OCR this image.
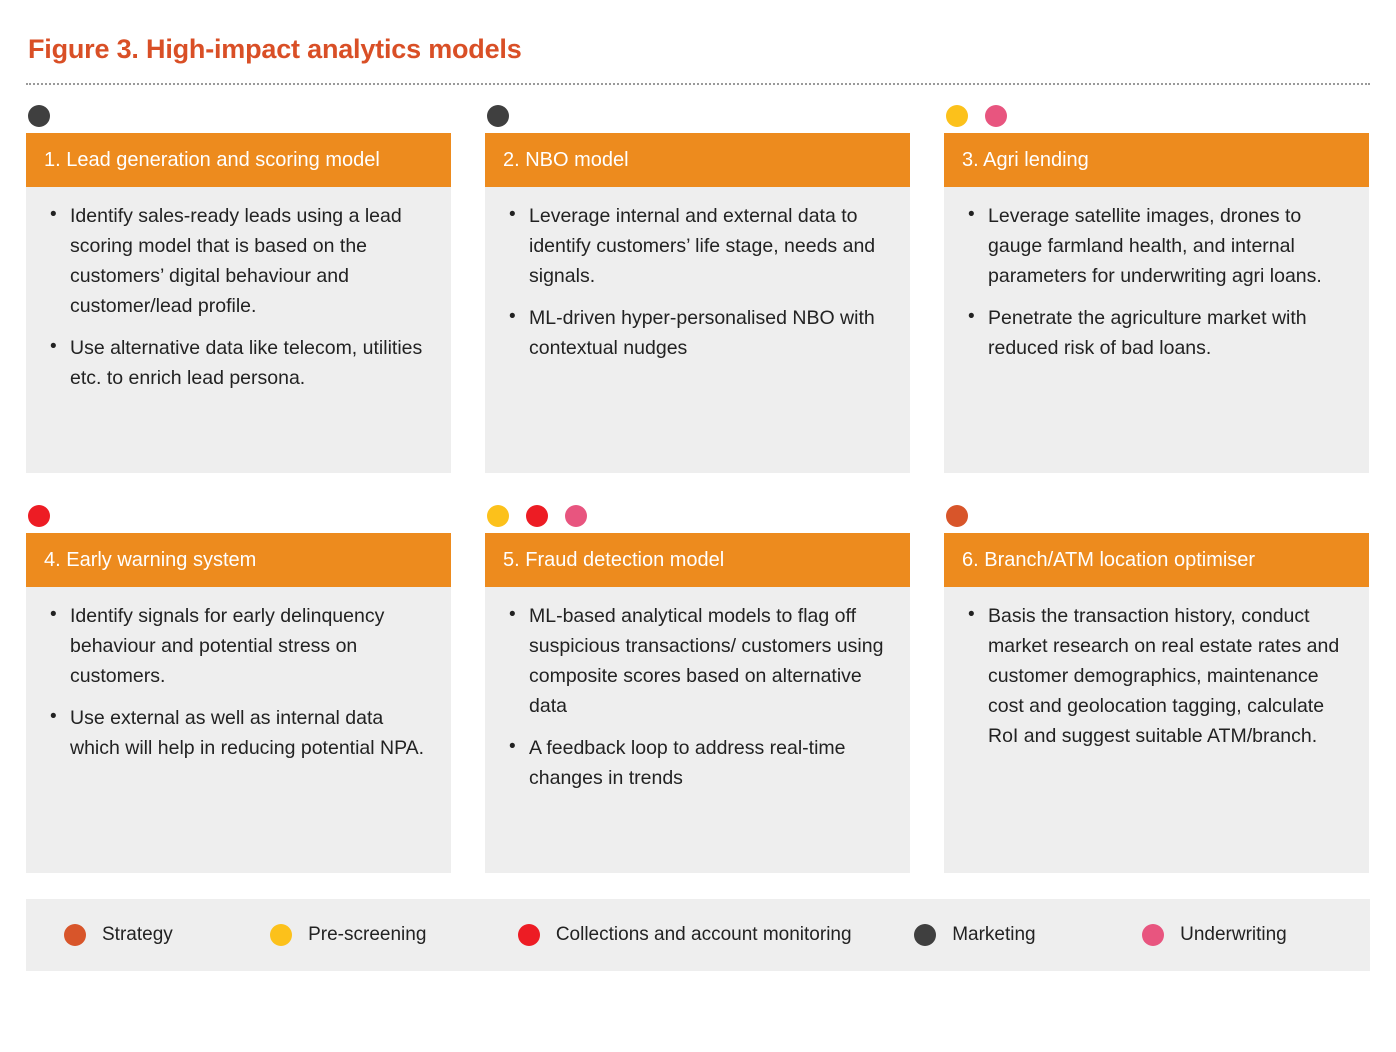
Figure 3. High-impact analytics models
1. Lead generation and scoring model
• Identify sales-ready leads using a lead scoring model that is based on the customers’ digital behaviour and customer/lead profile.
• Use alternative data like telecom, utilities etc. to enrich lead persona.
2. NBO model
• Leverage internal and external data to identify customers’ life stage, needs and signals.
• ML-driven hyper-personalised NBO with contextual nudges
3. Agri lending
• Leverage satellite images, drones to gauge farmland health, and internal parameters for underwriting agri loans.
• Penetrate the agriculture market with reduced risk of bad loans.
4. Early warning system
• Identify signals for early delinquency behaviour and potential stress on customers.
• Use external as well as internal data which will help in reducing potential NPA.
5. Fraud detection model
• ML-based analytical models to flag off suspicious transactions/ customers using composite scores based on alternative data
• A feedback loop to address real-time changes in trends
6. Branch/ATM location optimiser
• Basis the transaction history, conduct market research on real estate rates and customer demographics, maintenance cost and geolocation tagging, calculate RoI and suggest suitable ATM/branch.
Strategy	Pre-screening	Collections and account monitoring	Marketing	Underwriting
